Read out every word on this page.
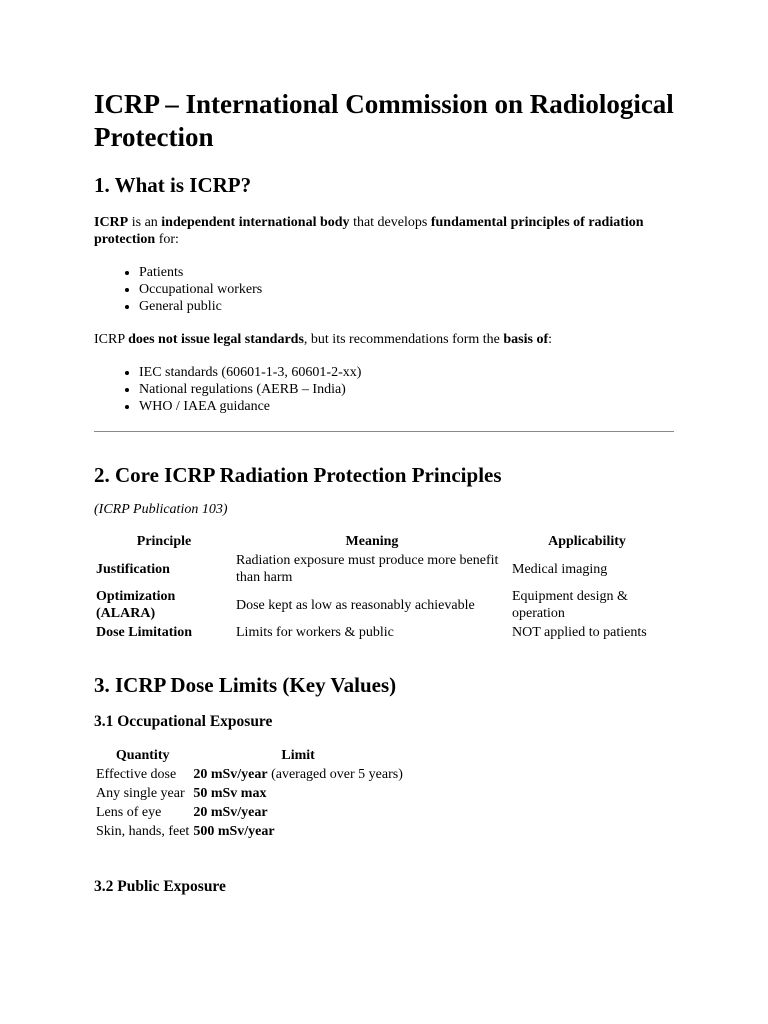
ICRP – International Commission on Radiological Protection
1. What is ICRP?

ICRP is an independent international body that develops fundamental principles of radiation protection for:

• Patients
• Occupational workers
• General public

ICRP does not issue legal standards, but its recommendations form the basis of:

• IEC standards (60601-1-3, 60601-2-xx)
• National regulations (AERB – India)
• WHO / IAEA guidance
2. Core ICRP Radiation Protection Principles
(ICRP Publication 103)
Principle	Meaning	Applicability
Justification	Radiation exposure must produce more benefit than harm	Medical imaging
Optimization (ALARA)	Dose kept as low as reasonably achievable	Equipment design & operation
Dose Limitation	Limits for workers & public	NOT applied to patients
3. ICRP Dose Limits (Key Values)
3.1 Occupational Exposure
Quantity	Limit
Effective dose	20 mSv/year (averaged over 5 years)
Any single year	50 mSv max
Lens of eye	20 mSv/year
Skin, hands, feet	500 mSv/year
3.2 Public Exposure
